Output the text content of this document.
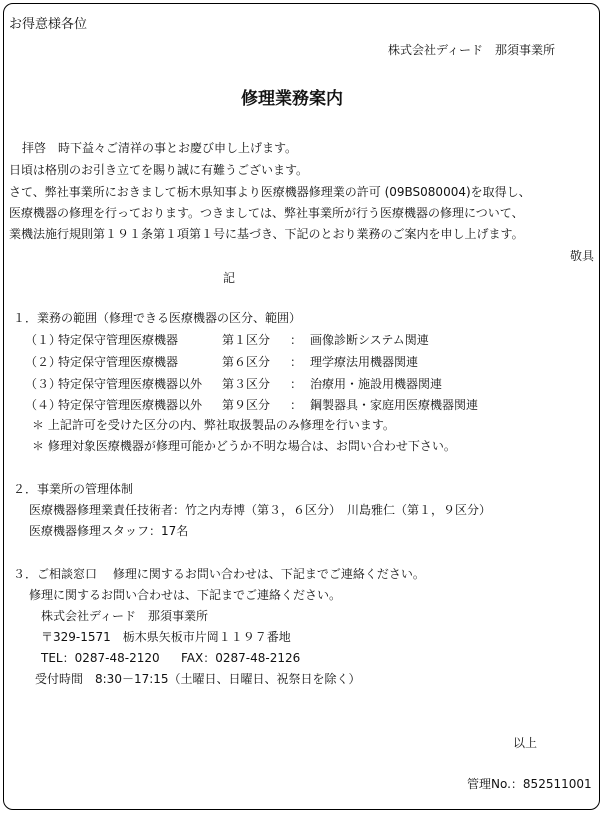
お得意様各位
株式会社ディード　那須事業所
修理業務案内
拝啓　時下益々ご清祥の事とお慶び申し上げます。
日頃は格別のお引き立てを賜り誠に有難うございます。
さて、弊社事業所におきまして栃木県知事より医療機器修理業の許可 (09BS080004)を取得し、
医療機器の修理を行っております。つきましては、弊社事業所が行う医療機器の修理について、
業機法施行規則第１９１条第１項第１号に基づき、下記のとおり業務のご案内を申し上げます。
敬具
記
１．業務の範囲（修理できる医療機器の区分、範囲）
（１）
特定保守管理医療機器	第１区分 ： 画像診断システム関連
（２）
特定保守管理医療機器	第６区分 ： 理学療法用機器関連
（３）
特定保守管理医療機器以外 第３区分 ： 治療用・施設用機器関連
（４）
特定保守管理医療機器以外 第９区分 ： 鋼製器具・家庭用医療機器関連
＊ 上記許可を受けた区分の内、弊社取扱製品のみ修理を行います。
＊ 修理対象医療機器が修理可能かどうか不明な場合は、お問い合わせ下さい。
２．事業所の管理体制
医療機器修理業責任技術者：竹之内寿博（第３，６区分）　川島雅仁（第１，９区分）
医療機器修理スタッフ：17名
３．ご相談窓口　 修理に関するお問い合わせは、下記までご連絡ください。
修理に関するお問い合わせは、下記までご連絡ください。
株式会社ディード　那須事業所
〒329-1571　栃木県矢板市片岡１１９７番地
TEL：0287-48-2120 FAX：0287-48-2126
受付時間　8:30－17:15（土曜日、日曜日、祝祭日を除く）
以上
管理No.：852511001
